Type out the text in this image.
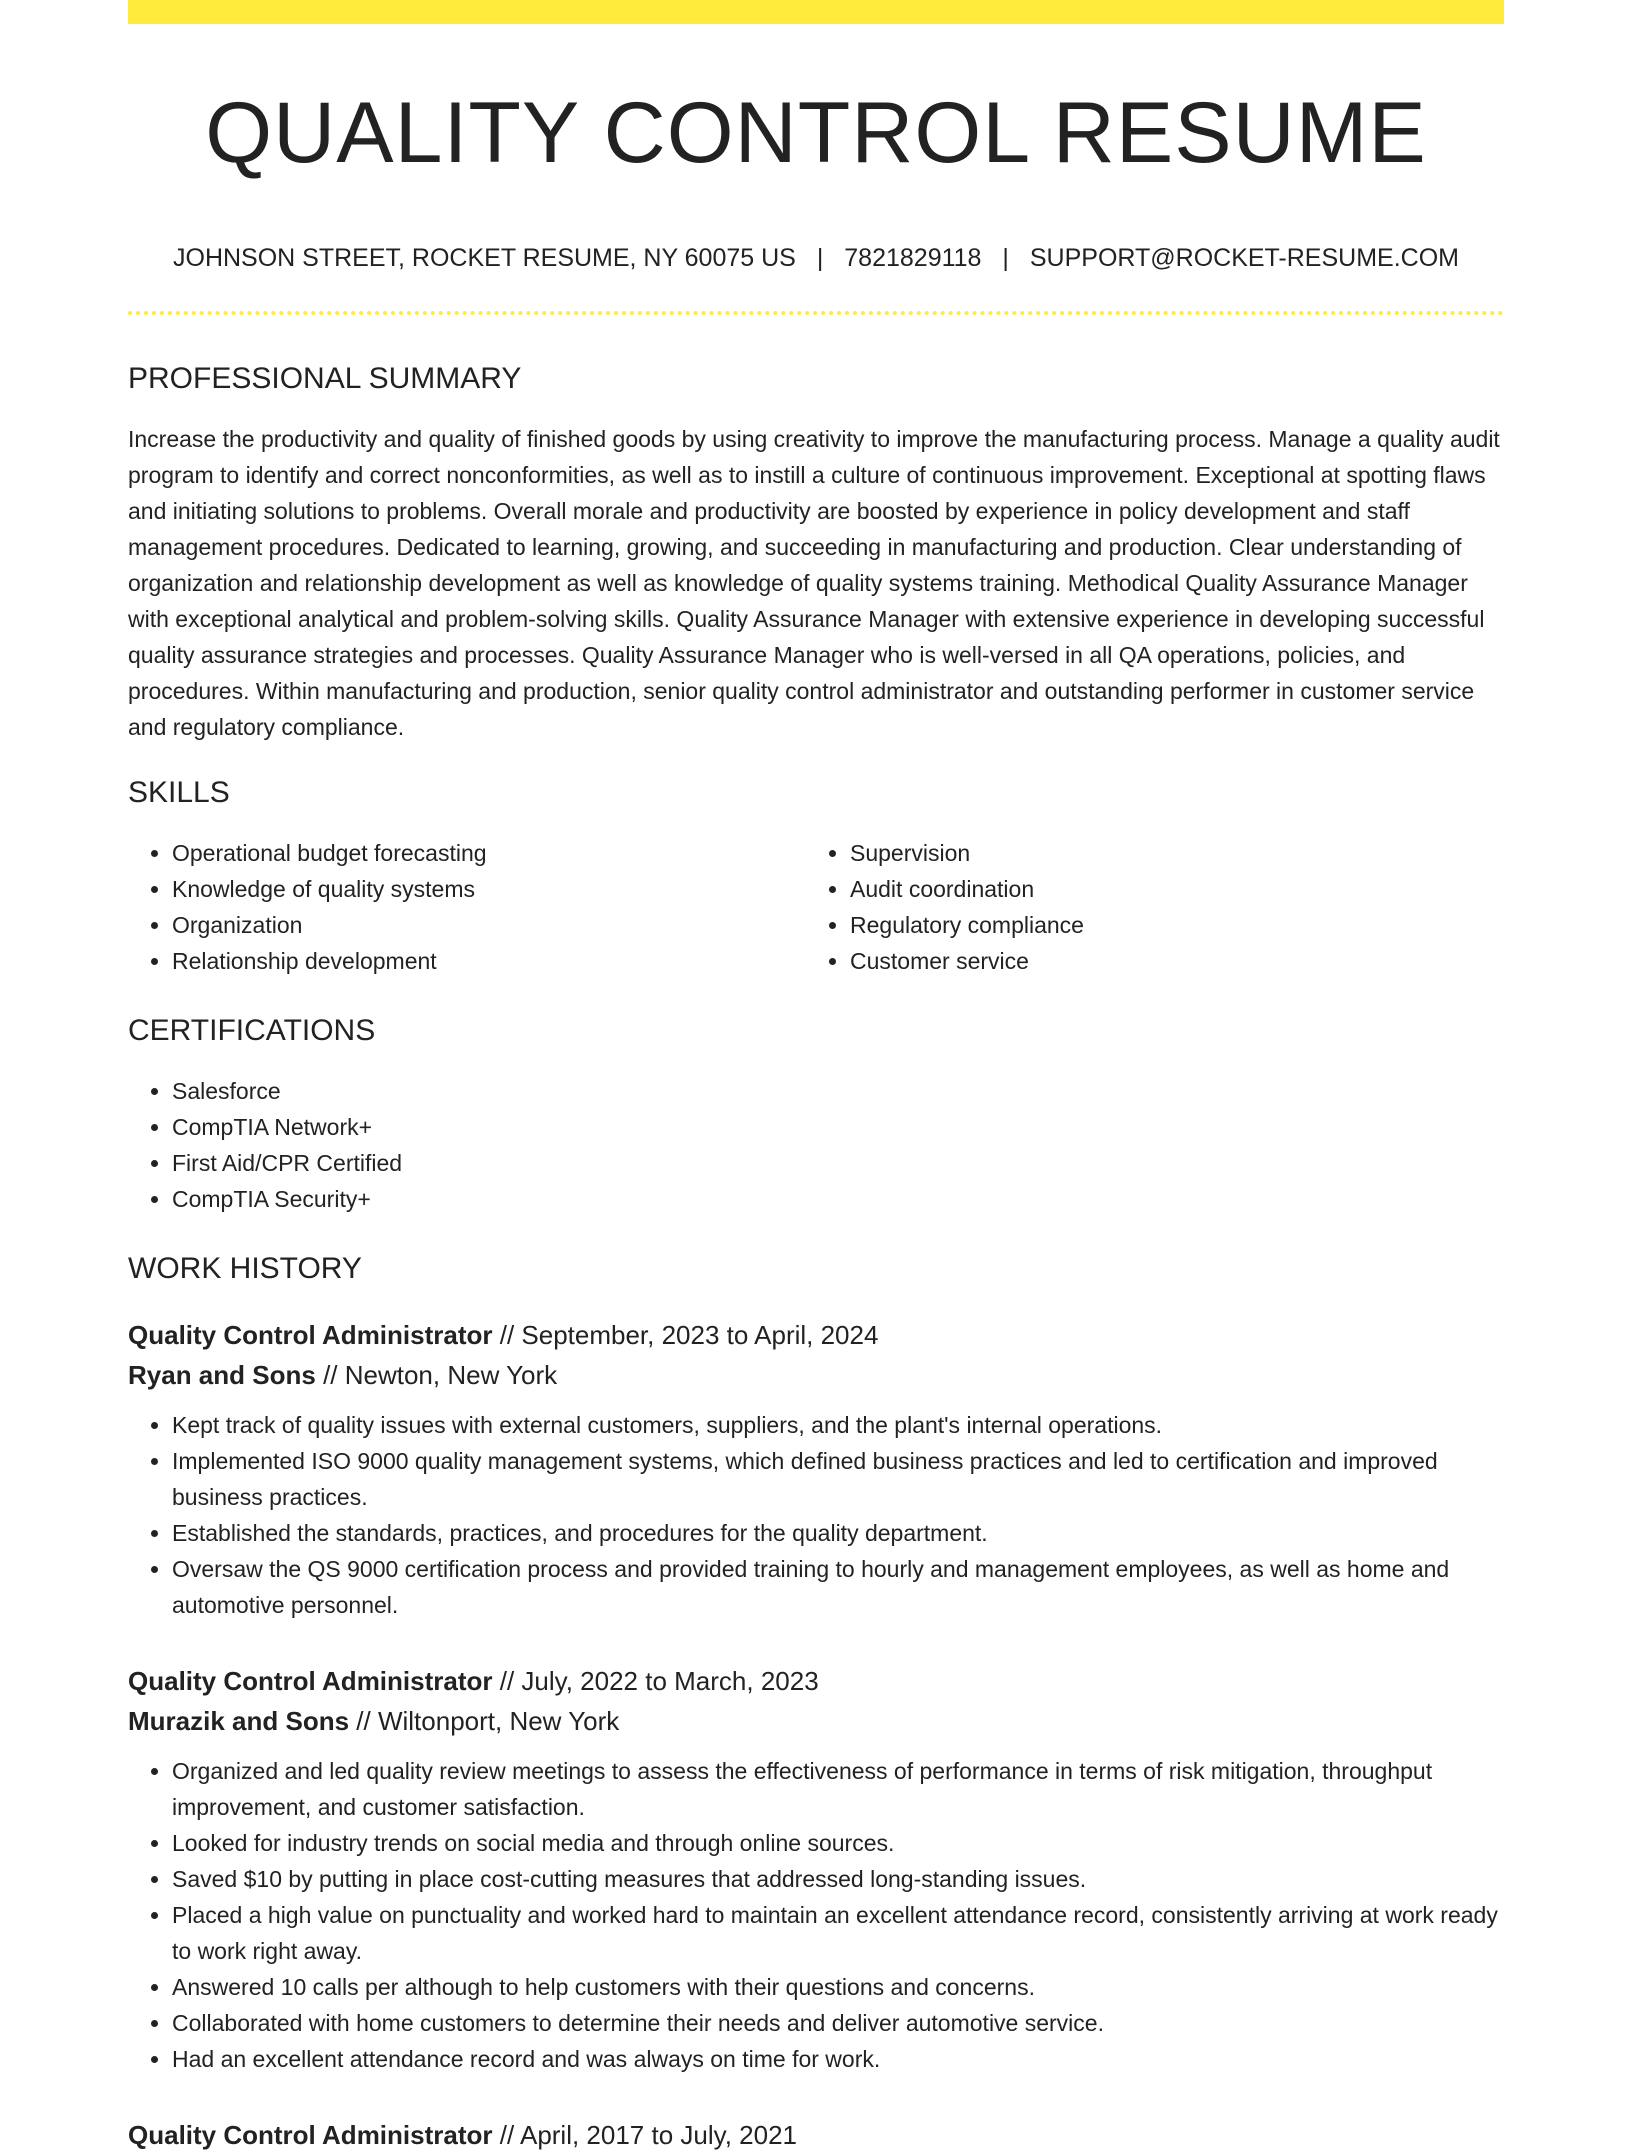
QUALITY CONTROL RESUME
JOHNSON STREET, ROCKET RESUME, NY 60075 US | 7821829118 | SUPPORT@ROCKET-RESUME.COM
PROFESSIONAL SUMMARY

Increase the productivity and quality of finished goods by using creativity to improve the manufacturing process. Manage a quality audit program to identify and correct nonconformities, as well as to instill a culture of continuous improvement. Exceptional at spotting flaws and initiating solutions to problems. Overall morale and productivity are boosted by experience in policy development and staff management procedures. Dedicated to learning, growing, and succeeding in manufacturing and production. Clear understanding of organization and relationship development as well as knowledge of quality systems training. Methodical Quality Assurance Manager with exceptional analytical and problem-solving skills. Quality Assurance Manager with extensive experience in developing successful quality assurance strategies and processes. Quality Assurance Manager who is well-versed in all QA operations, policies, and procedures. Within manufacturing and production, senior quality control administrator and outstanding performer in customer service and regulatory compliance.

SKILLS
• Operational budget forecasting
• Knowledge of quality systems
• Organization
• Relationship development
• Supervision
• Audit coordination
• Regulatory compliance
• Customer service
CERTIFICATIONS
• Salesforce
• CompTIA Network+
• First Aid/CPR Certified
• CompTIA Security+
WORK HISTORY
Quality Control Administrator // September, 2023 to April, 2024
Ryan and Sons // Newton, New York
• Kept track of quality issues with external customers, suppliers, and the plant's internal operations.
• Implemented ISO 9000 quality management systems, which defined business practices and led to certification and improved business practices.
• Established the standards, practices, and procedures for the quality department.
• Oversaw the QS 9000 certification process and provided training to hourly and management employees, as well as home and automotive personnel.
Quality Control Administrator // July, 2022 to March, 2023
Murazik and Sons // Wiltonport, New York
• Organized and led quality review meetings to assess the effectiveness of performance in terms of risk mitigation, throughput improvement, and customer satisfaction.
• Looked for industry trends on social media and through online sources.
• Saved $10 by putting in place cost-cutting measures that addressed long-standing issues.
• Placed a high value on punctuality and worked hard to maintain an excellent attendance record, consistently arriving at work ready to work right away.
• Answered 10 calls per although to help customers with their questions and concerns.
• Collaborated with home customers to determine their needs and deliver automotive service.
• Had an excellent attendance record and was always on time for work.
Quality Control Administrator // April, 2017 to July, 2021
